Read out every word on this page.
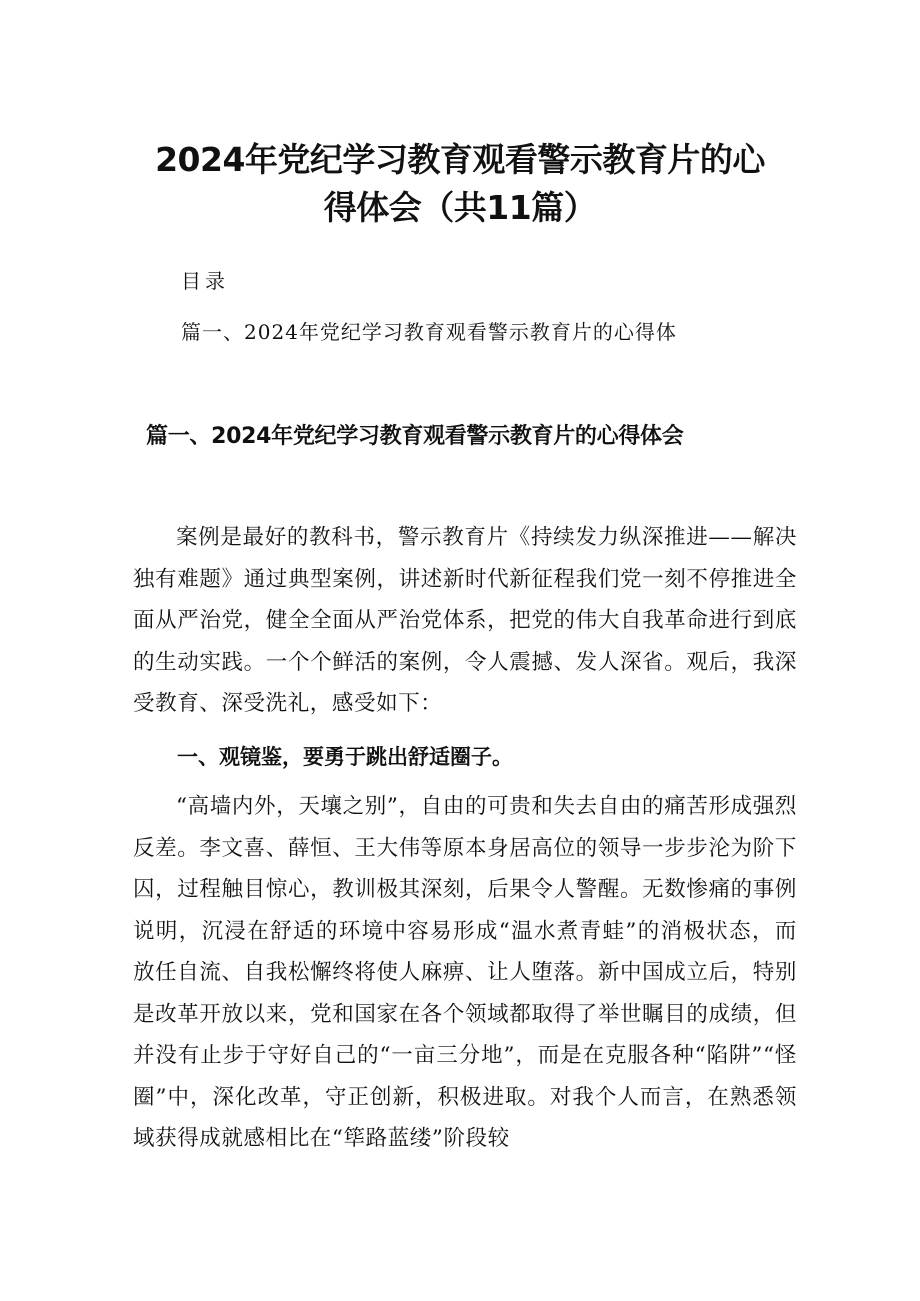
2024年党纪学习教育观看警示教育片的心
得体会（共11篇）
目录
篇一、2024年党纪学习教育观看警示教育片的心得体
篇一、2024年党纪学习教育观看警示教育片的心得体会

案例是最好的教科书，警示教育片《持续发力纵深推进——解决独有难题》通过典型案例，讲述新时代新征程我们党一刻不停推进全面从严治党，健全全面从严治党体系，把党的伟大自我革命进行到底的生动实践。一个个鲜活的案例，令人震撼、发人深省。观后，我深受教育、深受洗礼，感受如下：

一、观镜鉴，要勇于跳出舒适圈子。

“高墙内外，天壤之别”，自由的可贵和失去自由的痛苦形成强烈反差。李文喜、薛恒、王大伟等原本身居高位的领导一步步沦为阶下囚，过程触目惊心，教训极其深刻，后果令人警醒。无数惨痛的事例说明，沉浸在舒适的环境中容易形成“温水煮青蛙”的消极状态，而放任自流、自我松懈终将使人麻痹、让人堕落。新中国成立后，特别是改革开放以来，党和国家在各个领域都取得了举世瞩目的成绩，但并没有止步于守好自己的“一亩三分地”，而是在克服各种“陷阱”“怪圈”中，深化改革，守正创新，积极进取。对我个人而言，在熟悉领域获得成就感相比在“筚路蓝缕”阶段较
